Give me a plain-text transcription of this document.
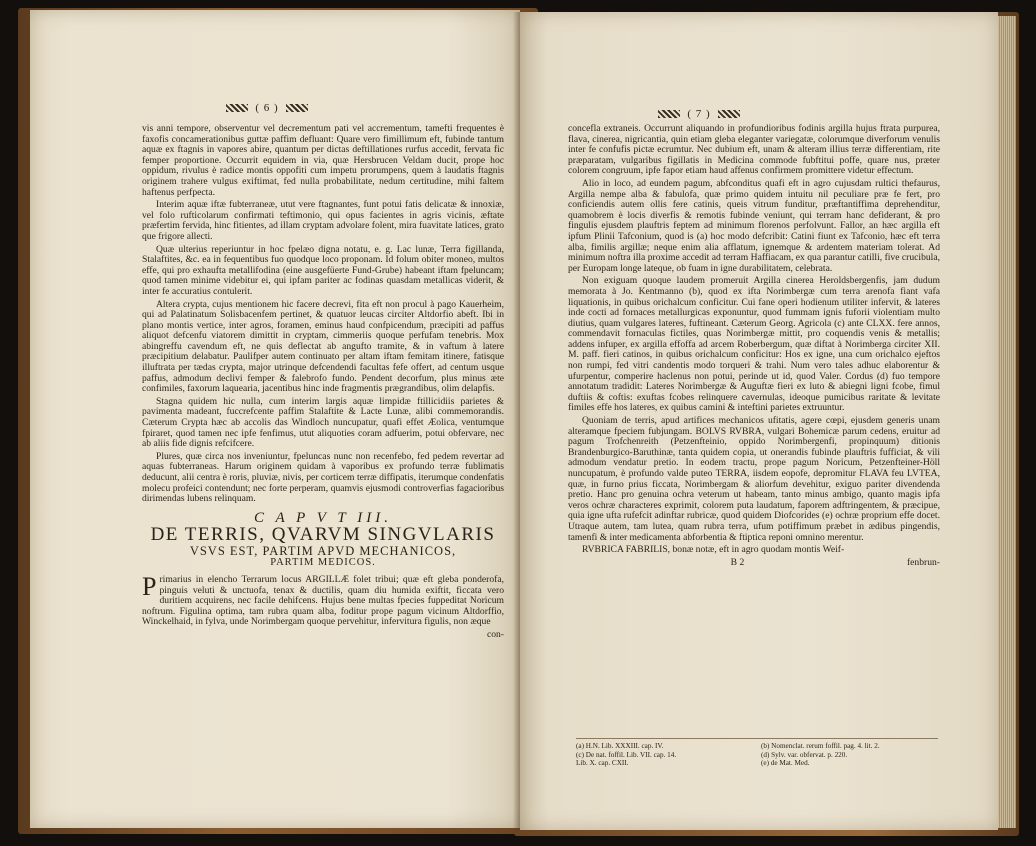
( 6 )

vis anni tempore, observentur vel decrementum pati vel accrementum, tamefti frequentes è faxofis concamerationibus guttæ paffim defluant: Quare vero fimillimum eft, fubinde tantum aquæ ex ftagnis in vapores abire, quantum per dictas deftillationes rurfus accedit, fervata fic femper proportione. Occurrit equidem in via, quæ Hersbrucen Veldam ducit, prope hoc oppidum, rivulus è radice montis oppofiti cum impetu prorumpens, quem à laudatis ftagnis originem trahere vulgus exiftimat, fed nulla probabilitate, nedum certitudine, mihi faltem haftenus perfpecta.

Interim aquæ iftæ fubterraneæ, utut vere ftagnantes, funt potui fatis delicatæ & innoxiæ, vel folo rufticolarum confirmati teftimonio, qui opus facientes in agris vicinis, æftate præfertim fervida, hinc fitientes, ad illam cryptam advolare folent, mira fuavitate latices, grato que frigore allecti.

Quæ ulterius reperiuntur in hoc fpelæo digna notatu, e. g. Lac lunæ, Terra figillanda, Stalaftites, &c. ea in fequentibus fuo quodque loco proponam. Id folum obiter moneo, multos effe, qui pro exhaufta metallifodina (eine ausgefüerte Fund-Grube) habeant iftam fpeluncam; quod tamen minime videbitur ei, qui ipfam pariter ac fodinas quasdam metallicas viderit, & inter fe accuratius contulerit.

Altera crypta, cujus mentionem hic facere decrevi, fita eft non procul à pago Kauerheim, qui ad Palatinatum Solisbacenfem pertinet, & quatuor leucas circiter Altdorfio abeft. Ibi in plano montis vertice, inter agros, foramen, eminus haud confpicendum, præcipiti ad paffus aliquot defcenfu viatorem dimittit in cryptam, cimmeriis quoque perfufam tenebris. Mox abingreffu cavendum eft, ne quis deflectat ab angufto tramite, & in vaftum à latere præcipitium delabatur. Paulifper autem continuato per altam iftam femitam itinere, fatisque illuftrata per tædas crypta, major utrinque defcendendi facultas fefe offert, ad centum usque paffus, admodum declivi femper & falebrofo fundo. Pendent decorfum, plus minus æte confimiles, faxorum laquearia, jacentibus hinc inde fragmentis prægrandibus, olim delapfis.

Stagna quidem hic nulla, cum interim largis aquæ limpidæ ftillicidiis parietes & pavimenta madeant, fuccrefcente paffim Stalaftite & Lacte Lunæ, alibi commemorandis. Cæterum Crypta hæc ab accolis das Windloch nuncupatur, quafi effet Æolica, ventumque fpiraret, quod tamen nec ipfe fenfimus, utut aliquoties coram adfuerim, potui obfervare, nec ab aliis fide dignis refcifcere.

Plures, quæ circa nos inveniuntur, fpeluncas nunc non recenfebo, fed pedem revertar ad aquas fubterraneas. Harum originem quidam à vaporibus ex profundo terræ fublimatis deducunt, alii centra è roris, pluviæ, nivis, per corticem terræ diffipatis, iterumque condenfatis molecu profeici contendunt; nec forte perperam, quamvis ejusmodi controverfias fagacioribus dirimendas lubens relinquam.

C A P V T III.
DE TERRIS, QVARVM SINGVLARIS
VSVS EST, PARTIM APVD MECHANICOS,
PARTIM MEDICOS.

P rimarius in elencho Terrarum locus ARGILLÆ folet tribui; quæ eft gleba ponderofa, pinguis veluti & unctuofa, tenax & ductilis, quam diu humida exiftit, ficcata vero duritiem acquirens, nec facile dehifcens. Hujus bene multas fpecies fuppeditat Noricum noftrum. Figulina optima, tam rubra quam alba, foditur prope pagum vicinum Altdorffio, Winckelhaid, in fylva, unde Norimbergam quoque pervehitur, infervitura figulis, non æque

con-
( 7 )

concefla extraneis. Occurrunt aliquando in profundioribus fodinis argilla hujus ftrata purpurea, flava, cinerea, nigricantia, quin etiam gleba eleganter variegatæ, colorumque diverforum venulis inter fe confufis pictæ ecrumtur. Nec dubium eft, unam & alteram illius terræ differentiam, rite præparatam, vulgaribus figillatis in Medicina commode fubftitui poffe, quare nus, præter colorem congruum, ipfe fapor etiam haud affenus confirmem promittere videtur effectum.

Alio in loco, ad eundem pagum, abfconditus quafi eft in agro cujusdam rultici thefaurus, Argilla nempe alba & fabulofa, quæ primo quidem intuitu nil peculiare præ fe fert, pro conficiendis autem ollis fere catinis, queis vitrum funditur, præftantiffima deprehenditur, quamobrem è locis diverfis & remotis fubinde veniunt, qui terram hanc defiderant, & pro fingulis ejusdem plauftris feptem ad minimum florenos perfolvunt. Fallor, an hæc argilla eft ipfum Plinii Tafconium, quod is (a) hoc modo defcribit: Catini fiunt ex Tafconio, hæc eft terra alba, fimilis argillæ; neque enim alia afflatum, ignemque & ardentem materiam tolerat. Ad minimum noftra illa proxime accedit ad terram Haffiacam, ex qua parantur catilli, five crucibula, per Europam longe lateque, ob fuam in igne durabilitatem, celebrata.

Non exiguam quoque laudem promeruit Argilla cinerea Heroldsbergenfis, jam dudum memorata à Jo. Kentmanno (b), quod ex ifta Norimbergæ cum terra arenofa fiant vafa liquationis, in quibus orichalcum conficitur. Cui fane operi hodienum utiliter infervit, & lateres inde cocti ad fornaces metallurgicas exponuntur, quod fummam ignis fuforii violentiam multo diutius, quam vulgares lateres, fuftineant. Cæterum Georg. Agricola (c) ante CLXX. fere annos, commendavit fornaculas fictiles, quas Norimbergæ mittit, pro coquendis venis & metallis; addens infuper, ex argilla effoffa ad arcem Roberbergum, quæ diftat à Norimberga circiter XII. M. paff. fieri catinos, in quibus orichalcum conficitur: Hos ex igne, una cum orichalco ejeftos non rumpi, fed vitri candentis modo torqueri & trahi. Num vero tales adhuc elaborentur & ufurpentur, comperire haclenus non potui, perinde ut id, quod Valer. Cordus (d) fuo tempore annotatum tradidit: Lateres Norimbergæ & Auguftæ fieri ex luto & abiegni ligni fcobe, fimul duftiis & coftis: exuftas fcobes relinquere cavernulas, ideoque pumicibus raritate & levitate fimiles effe hos lateres, ex quibus camini & inteftini parietes extruuntur.

Quoniam de terris, apud artifices mechanicos ufitatis, agere cœpi, ejusdem generis unam alteramque fpeciem fubjungam. BOLVS RVBRA, vulgari Bohemicæ parum cedens, eruitur ad pagum Trofchenreith (Petzenfteinio, oppido Norimbergenfi, propinquum) ditionis Brandenburgico-Baruthinæ, tanta quidem copia, ut onerandis fubinde plauftris fufficiat, & vili admodum vendatur pretio. In eodem tractu, prope pagum Noricum, Petzenfteiner-Höll nuncupatum, è profundo valde puteo TERRA, iisdem eopofe, depromitur FLAVA feu LVTEA, quæ, in furno prius ficcata, Norimbergam & aliorfum devehitur, exiguo pariter divendenda pretio. Hanc pro genuina ochra veterum ut habeam, tanto minus ambigo, quanto magis ipfa veros ochræ characteres exprimit, colorem puta laudatum, faporem adftringentem, & præcipue, quia igne ufta rufefcit adinftar rubricæ, quod quidem Diofcorides (e) ochræ proprium effe docet. Utraque autem, tam lutea, quam rubra terra, ufum potiffimum præbet in ædibus pingendis, tamenfi & inter medicamenta abforbentia & ftiptica reponi omnino merentur.

RVBRICA FABRILIS, bonæ notæ, eft in agro quodam montis Weif-

B 2	fenbrun-
(a) H.N. Lib. XXXIII. cap. IV.	(b) Nomenclat. rerum foffil. pag. 4. lit. 2.
(c) De nat. foffil. Lib. VII. cap. 14.	(d) Sylv. var. obfervat. p. 220.
Lib. X. cap. CXII.	(e) de Mat. Med.
